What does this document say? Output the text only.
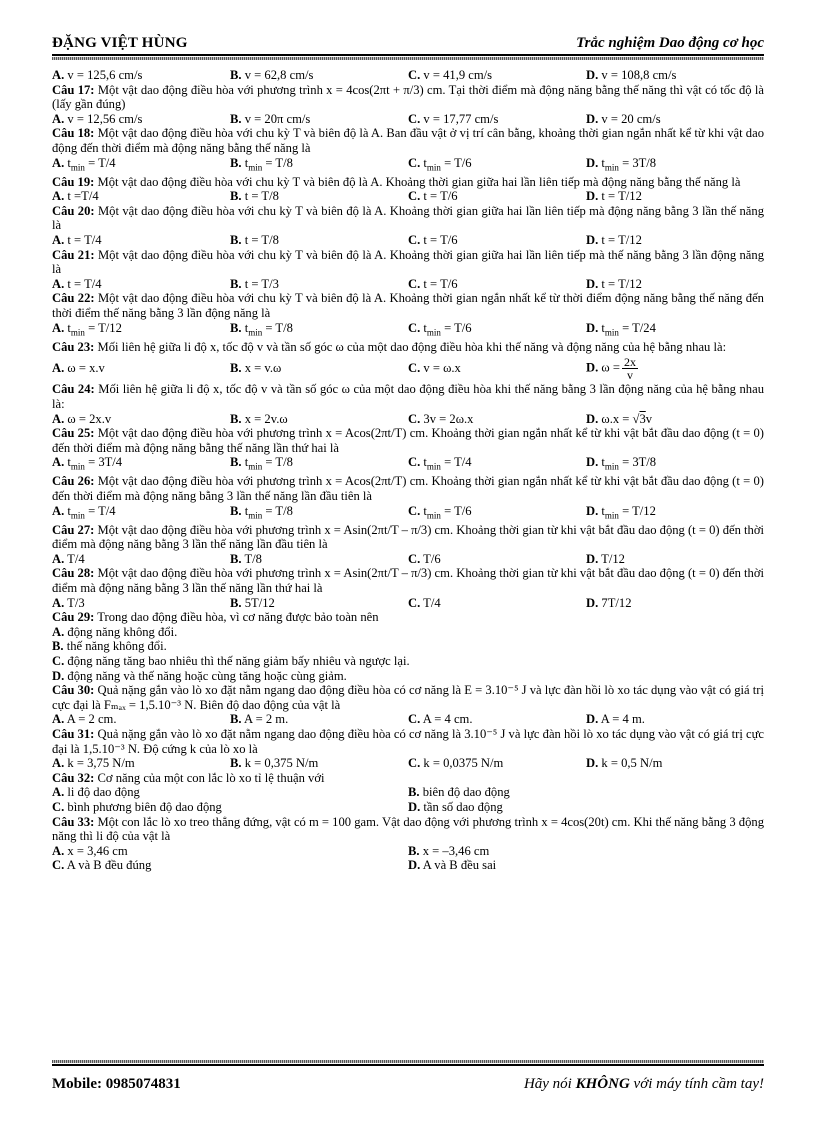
ĐẶNG VIỆT HÙNG	Trắc nghiệm Dao động cơ học
A. v = 125,6 cm/s	B. v = 62,8 cm/s	C. v = 41,9 cm/s	D. v = 108,8 cm/s
Câu 17: Một vật dao động điều hòa với phương trình x = 4cos(2πt + π/3) cm. Tại thời điểm mà động năng bằng thế năng thì vật có tốc độ là (lấy gần đúng)
A. v = 12,56 cm/s	B. v = 20π cm/s	C. v = 17,77 cm/s	D. v = 20 cm/s
Câu 18: Một vật dao động điều hòa với chu kỳ T và biên độ là A. Ban đầu vật ở vị trí cân bằng, khoảng thời gian ngắn nhất kể từ khi vật dao động đến thời điểm mà động năng bằng thế năng là
A. $t_{min} = T/4$	B. $t_{min} = T/8$	C. $t_{min} = T/6$	D. $t_{min} = 3T/8$
Câu 19: Một vật dao động điều hòa với chu kỳ T và biên độ là A. Khoảng thời gian giữa hai lần liên tiếp mà động năng bằng thế năng là
A. t =T/4	B. t = T/8	C. t = T/6	D. t = T/12
Câu 20: Một vật dao động điều hòa với chu kỳ T và biên độ là A. Khoảng thời gian giữa hai lần liên tiếp mà động năng bằng 3 lần thế năng là
A. t = T/4	B. t = T/8	C. t = T/6	D. t = T/12
Câu 21: Một vật dao động điều hòa với chu kỳ T và biên độ là A. Khoảng thời gian giữa hai lần liên tiếp mà thế năng bằng 3 lần động năng là
A. t = T/4	B. t = T/3	C. t = T/6	D. t = T/12
Câu 22: Một vật dao động điều hòa với chu kỳ T và biên độ là A. Khoảng thời gian ngắn nhất kể từ thời điểm động năng bằng thế năng đến thời điểm thế năng bằng 3 lần động năng là
A. $t_{min} = T/12$	B. $t_{min} = T/8$	C. $t_{min} = T/6$	D. $t_{min} = T/24$
Câu 23: Mối liên hệ giữa li độ x, tốc độ v và tần số góc ω của một dao động điều hòa khi thế năng và động năng của hệ bằng nhau là:
A. ω = x.v	B. x = v.ω	C. v = ω.x	D. $\omega = \frac{2x}{v}$
Câu 24: Mối liên hệ giữa li độ x, tốc độ v và tần số góc ω của một dao động điều hòa khi thế năng bằng 3 lần động năng của hệ bằng nhau là:
A. ω = 2x.v	B. x = 2v.ω	C. 3v = 2ω.x	D. ω.x = √3v
Câu 25: Một vật dao động điều hòa với phương trình x = Acos(2πt/T) cm. Khoảng thời gian ngắn nhất kể từ khi vật bắt đầu dao động (t = 0) đến thời điểm mà động năng bằng thế năng lần thứ hai là
A. $t_{min} = 3T/4$	B. $t_{min} = T/8$	C. $t_{min} = T/4$	D. $t_{min} = 3T/8$
Câu 26: Một vật dao động điều hòa với phương trình x = Acos(2πt/T) cm. Khoảng thời gian ngắn nhất kể từ khi vật bắt đầu dao động (t = 0) đến thời điểm mà động năng bằng 3 lần thế năng lần đầu tiên là
A. $t_{min} = T/4$	B. $t_{min} = T/8$	C. $t_{min} = T/6$	D. $t_{min} = T/12$
Câu 27: Một vật dao động điều hòa với phương trình x = Asin(2πt/T – π/3) cm. Khoảng thời gian từ khi vật bắt đầu dao động (t = 0) đến thời điểm mà động năng bằng 3 lần thế năng lần đầu tiên là
A. T/4	B. T/8	C. T/6	D. T/12
Câu 28: Một vật dao động điều hòa với phương trình x = Asin(2πt/T – π/3) cm. Khoảng thời gian từ khi vật bắt đầu dao động (t = 0) đến thời điểm mà động năng bằng 3 lần thế năng lần thứ hai là
A. T/3	B. 5T/12	C. T/4	D. 7T/12
Câu 29: Trong dao động điều hòa, vì cơ năng được bảo toàn nên
A. động năng không đổi.
B. thế năng không đổi.
C. động năng tăng bao nhiêu thì thế năng giảm bấy nhiêu và ngược lại.
D. động năng và thế năng hoặc cùng tăng hoặc cùng giảm.
Câu 30: Quả nặng gắn vào lò xo đặt nằm ngang dao động điều hòa có cơ năng là E = 3.10⁻⁵ J và lực đàn hồi lò xo tác dụng vào vật có giá trị cực đại là Fₘₐₓ = 1,5.10⁻³ N. Biên độ dao động của vật là
A. A = 2 cm.	B. A = 2 m.	C. A = 4 cm.	D. A = 4 m.
Câu 31: Quả nặng gắn vào lò xo đặt nằm ngang dao động điều hòa có cơ năng là 3.10⁻⁵ J và lực đàn hồi lò xo tác dụng vào vật có giá trị cực đại là 1,5.10⁻³ N. Độ cứng k của lò xo là
A. k = 3,75 N/m	B. k = 0,375 N/m	C. k = 0,0375 N/m	D. k = 0,5 N/m
Câu 32: Cơ năng của một con lắc lò xo tỉ lệ thuận với
A. li độ dao động	B. biên độ dao động
C. bình phương biên độ dao động	D. tần số dao động
Câu 33: Một con lắc lò xo treo thẳng đứng, vật có m = 100 gam. Vật dao động với phương trình x = 4cos(20t) cm. Khi thế năng bằng 3 động năng thì li độ của vật là
A. x = 3,46 cm	B. x = –3,46 cm
C. A và B đều đúng	D. A và B đều sai
Mobile: 0985074831	Hãy nói KHÔNG với máy tính cầm tay!
